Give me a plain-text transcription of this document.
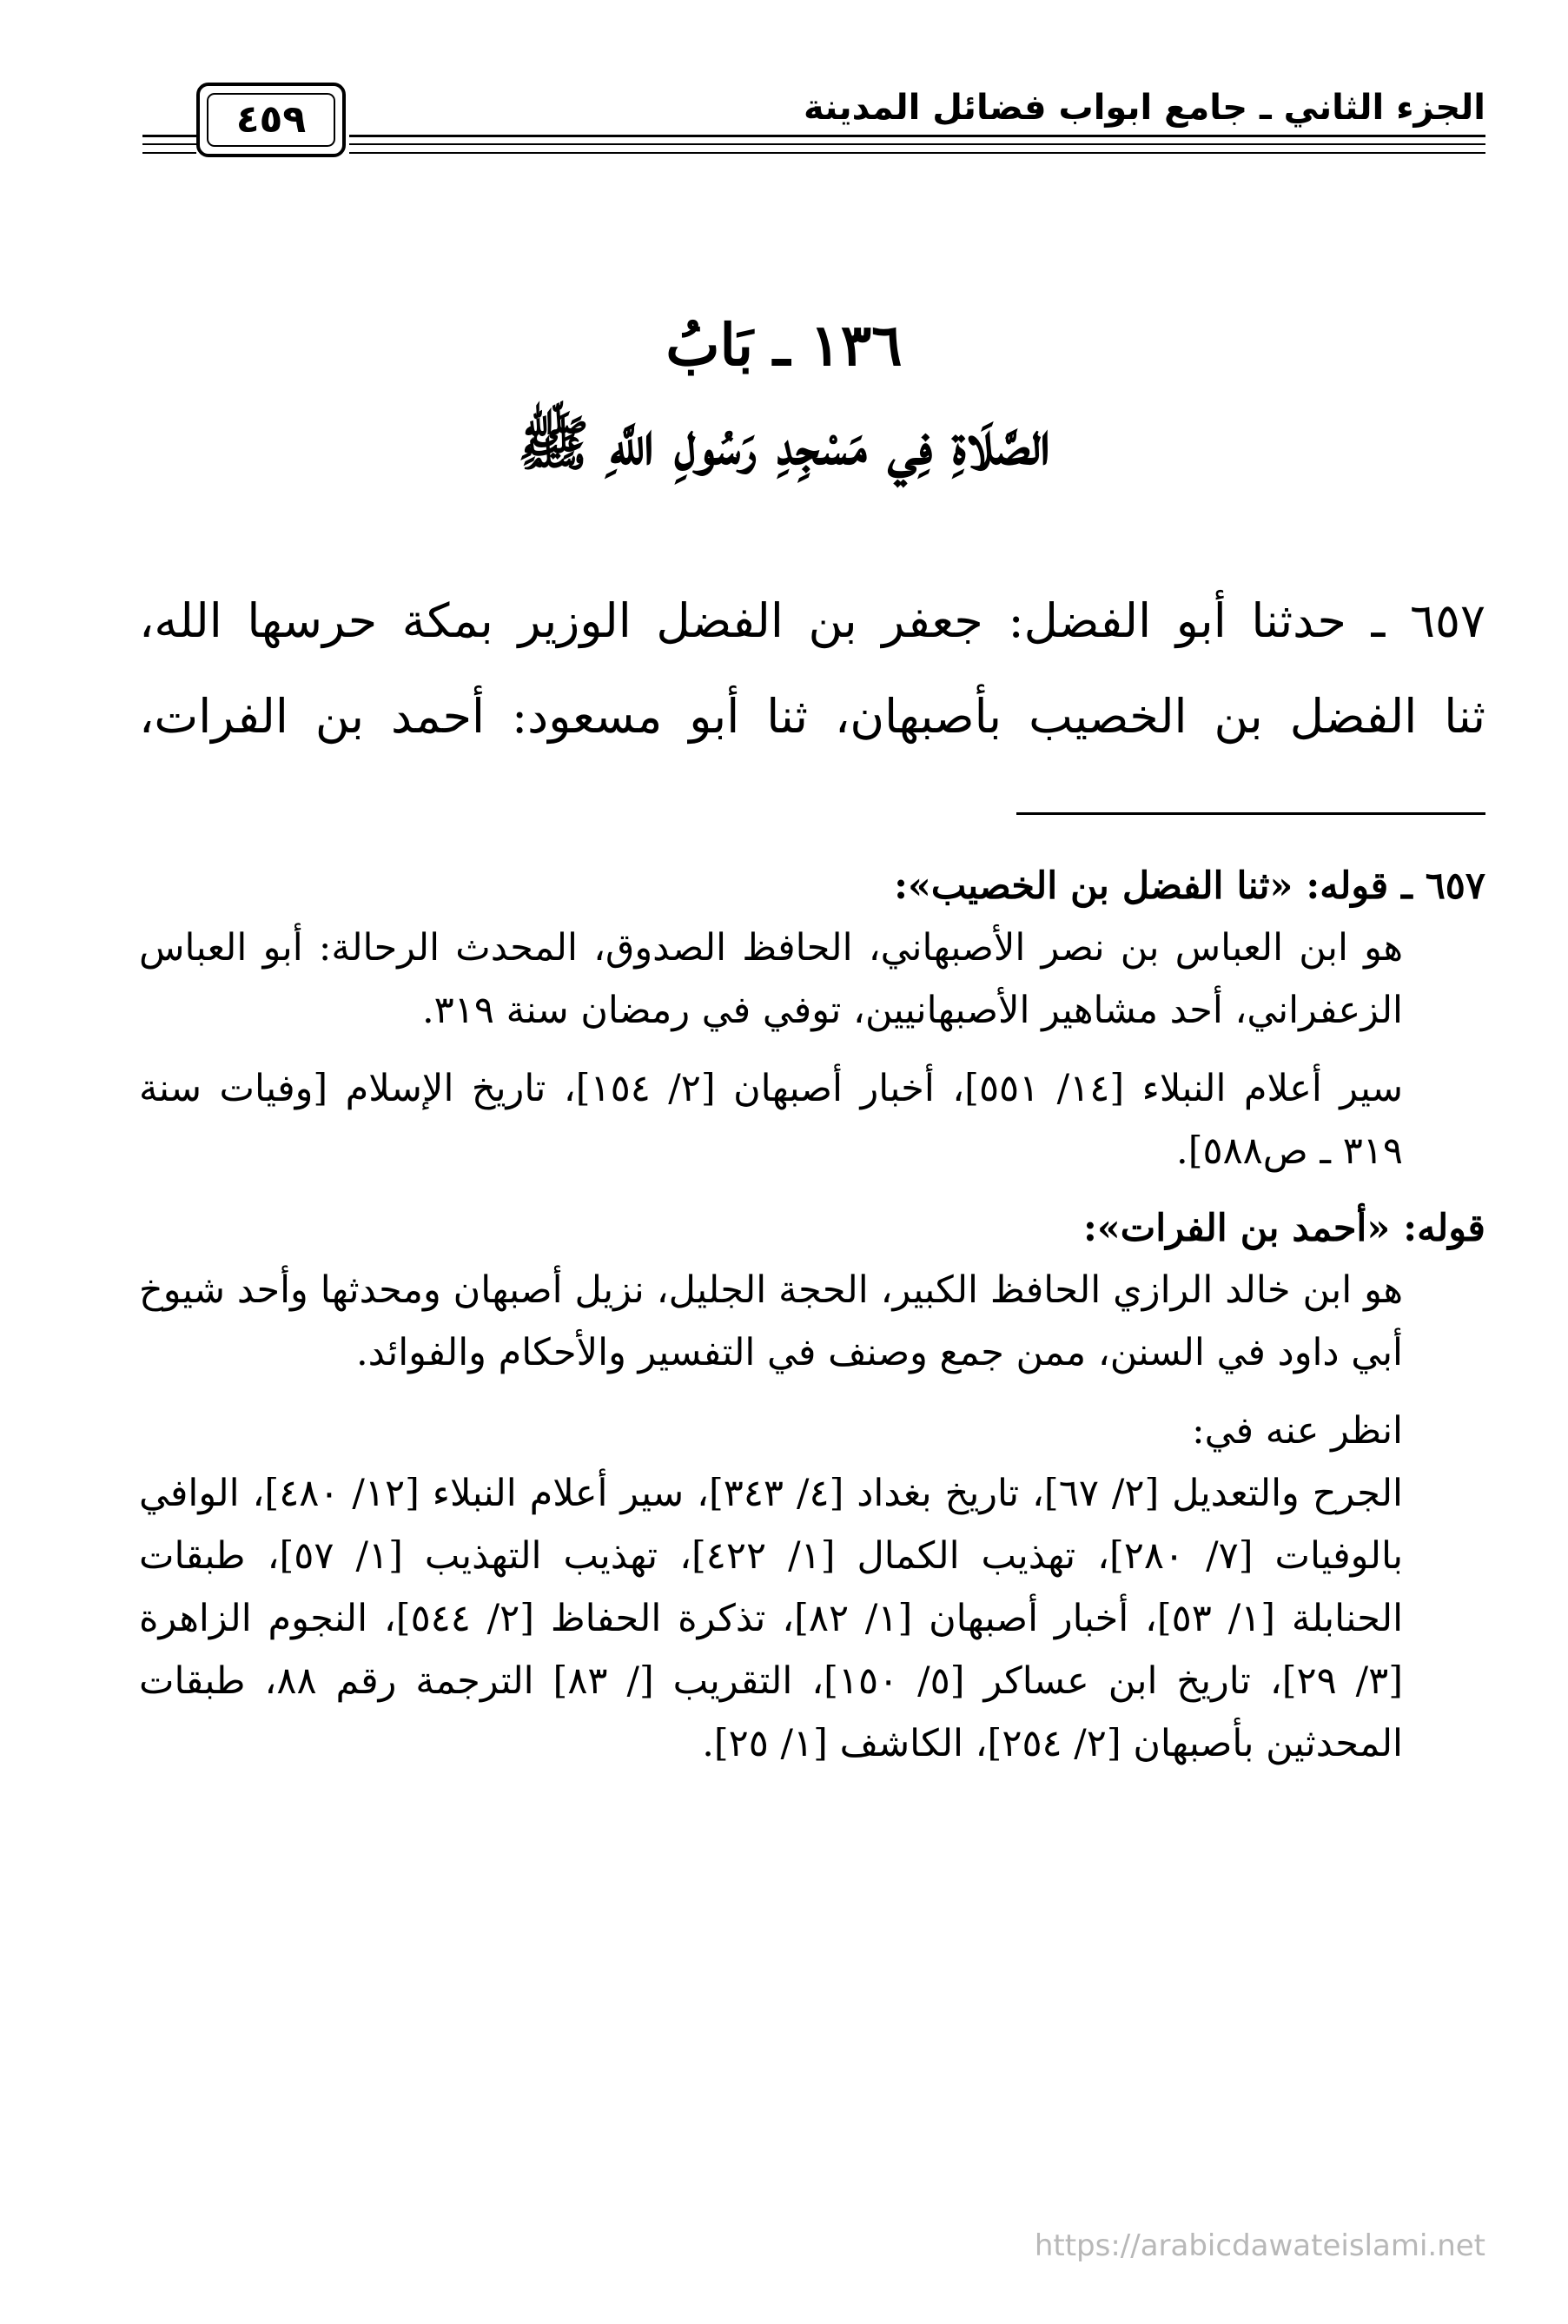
الجزء الثاني ـ جامع ابواب فضائل المدينة
٤٥٩
١٣٦ ـ بَابُ
الصَّلَاةِ فِي مَسْجِدِ رَسُولِ اللَّهِ ﷺ
٦٥٧ ـ حدثنا أبو الفضل: جعفر بن الفضل الوزير بمكة حرسها الله،
ثنا الفضل بن الخصيب بأصبهان، ثنا أبو مسعود: أحمد بن الفرات،

٦٥٧ ـ قوله: «ثنا الفضل بن الخصيب»:

هو ابن العباس بن نصر الأصبهاني، الحافظ الصدوق، المحدث الرحالة: أبو العباس الزعفراني، أحد مشاهير الأصبهانيين، توفي في رمضان سنة ٣١٩.

سير أعلام النبلاء [١٤/ ٥٥١]، أخبار أصبهان [٢/ ١٥٤]، تاريخ الإسلام [وفيات سنة ٣١٩ ـ ص٥٨٨].

قوله: «أحمد بن الفرات»:

هو ابن خالد الرازي الحافظ الكبير، الحجة الجليل، نزيل أصبهان ومحدثها وأحد شيوخ أبي داود في السنن، ممن جمع وصنف في التفسير والأحكام والفوائد.

انظر عنه في:

الجرح والتعديل [٢/ ٦٧]، تاريخ بغداد [٤/ ٣٤٣]، سير أعلام النبلاء [١٢/ ٤٨٠]، الوافي بالوفيات [٧/ ٢٨٠]، تهذيب الكمال [١/ ٤٢٢]، تهذيب التهذيب [١/ ٥٧]، طبقات الحنابلة [١/ ٥٣]، أخبار أصبهان [١/ ٨٢]، تذكرة الحفاظ [٢/ ٥٤٤]، النجوم الزاهرة [٣/ ٢٩]، تاريخ ابن عساكر [٥/ ١٥٠]، التقريب [/ ٨٣] الترجمة رقم ٨٨، طبقات المحدثين بأصبهان [٢/ ٢٥٤]، الكاشف [١/ ٢٥].

https://arabicdawateislami.net
